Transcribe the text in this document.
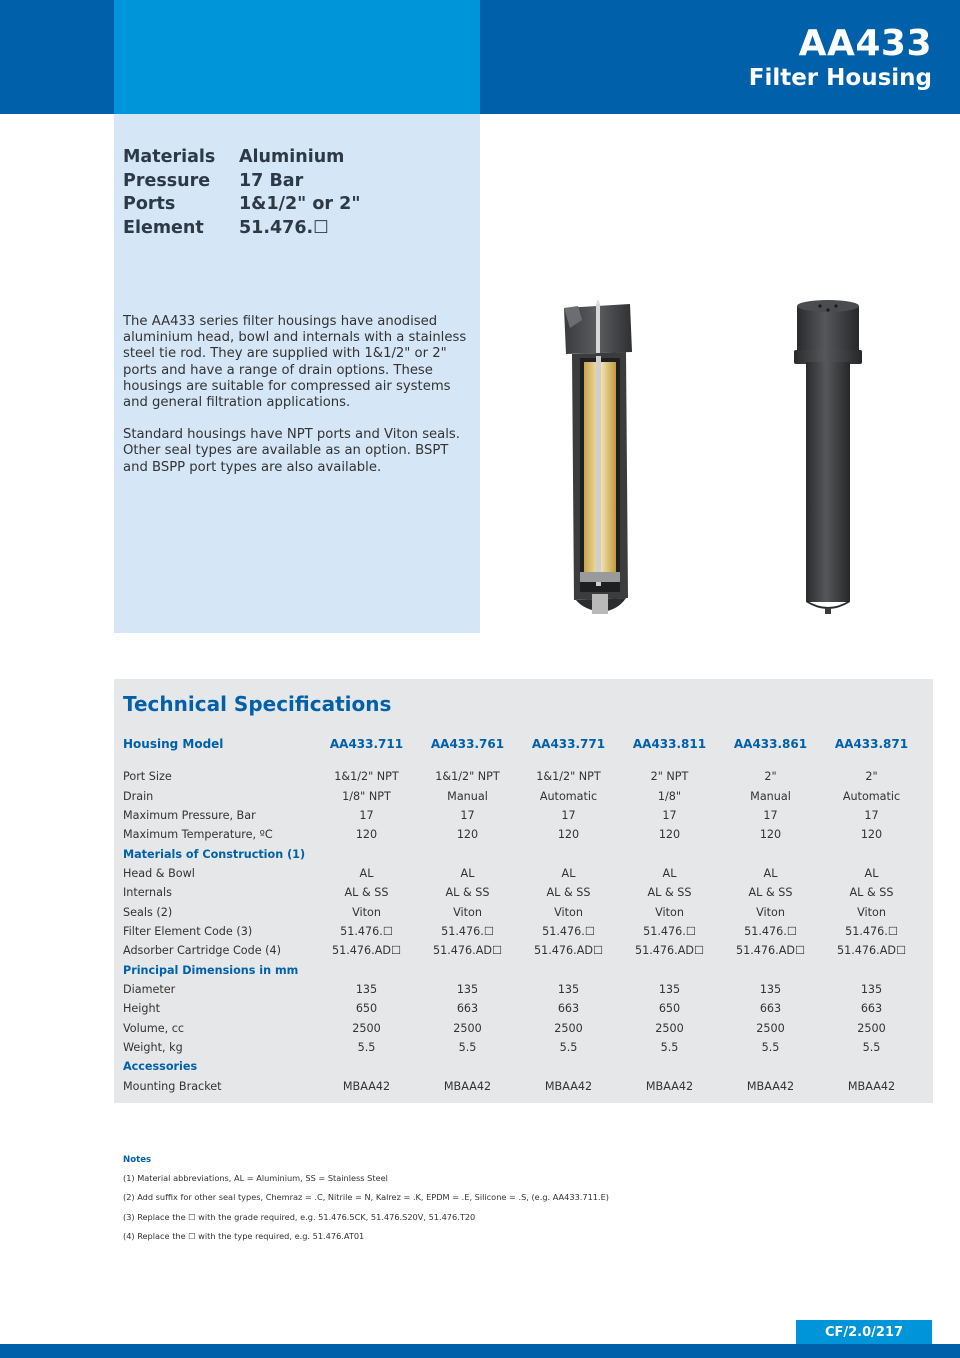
AA433
Filter Housing
Materials	Aluminium
Pressure	17 Bar
Ports	1&1/2" or 2"
Element	51.476.☐

The AA433 series filter housings have anodised aluminium head, bowl and internals with a stainless steel tie rod. They are supplied with 1&1/2" or 2" ports and have a range of drain options. These housings are suitable for compressed air systems and general filtration applications.

Standard housings have NPT ports and Viton seals. Other seal types are available as an option. BSPT and BSPP port types are also available.

Technical Specifications
Housing Model	AA433.711	AA433.761	AA433.771	AA433.811	AA433.861	AA433.871

Port Size	1&1/2" NPT	1&1/2" NPT	1&1/2" NPT	2" NPT	2"	2"
Drain	1/8" NPT	Manual	Automatic	1/8"	Manual	Automatic
Maximum Pressure, Bar	17	17	17	17	17	17
Maximum Temperature, ºC	120	120	120	120	120	120
Materials of Construction (1)						
Head & Bowl	AL	AL	AL	AL	AL	AL
Internals	AL & SS	AL & SS	AL & SS	AL & SS	AL & SS	AL & SS
Seals (2)	Viton	Viton	Viton	Viton	Viton	Viton
Filter Element Code (3)	51.476.☐	51.476.☐	51.476.☐	51.476.☐	51.476.☐	51.476.☐
Adsorber Cartridge Code (4)	51.476.AD☐	51.476.AD☐	51.476.AD☐	51.476.AD☐	51.476.AD☐	51.476.AD☐
Principal Dimensions in mm						
Diameter	135	135	135	135	135	135
Height	650	663	663	650	663	663
Volume, cc	2500	2500	2500	2500	2500	2500
Weight, kg	5.5	5.5	5.5	5.5	5.5	5.5
Accessories						
Mounting Bracket	MBAA42	MBAA42	MBAA42	MBAA42	MBAA42	MBAA42
Notes
(1) Material abbreviations, AL = Aluminium, SS = Stainless Steel
(2) Add suffix for other seal types, Chemraz = .C, Nitrile = N, Kalrez = .K, EPDM = .E, Silicone = .S, (e.g. AA433.711.E)
(3) Replace the ☐ with the grade required, e.g. 51.476.5CK, 51.476.S20V, 51.476.T20
(4) Replace the ☐ with the type required, e.g. 51.476.AT01
CF/2.0/217
